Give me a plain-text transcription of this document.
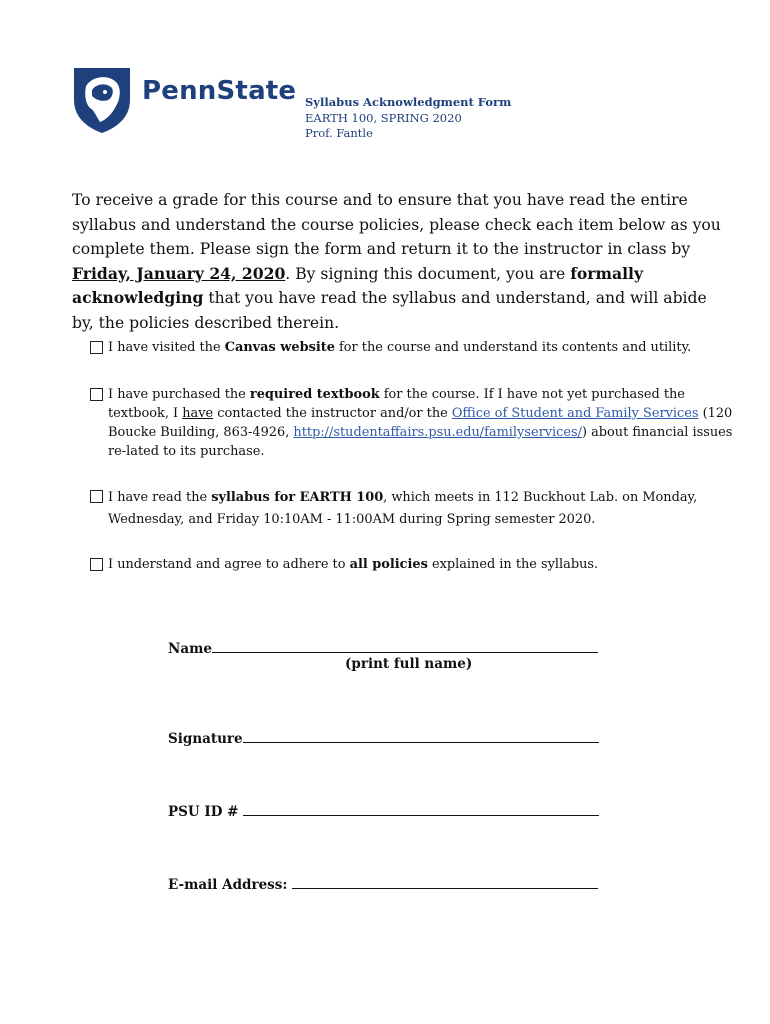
PennState Syllabus Acknowledgment Form
EARTH 100, SPRING 2020
Prof. Fantle
To receive a grade for this course and to ensure that you have read the entire syllabus and understand the course policies, please check each item below as you complete them. Please sign the form and return it to the instructor in class by Friday, January 24, 2020. By signing this document, you are formally acknowledging that you have read the syllabus and understand, and will abide by, the policies described therein.
I have visited the Canvas website for the course and understand its contents and utility.
I have purchased the required textbook for the course. If I have not yet purchased the textbook, I have contacted the instructor and/or the Office of Student and Family Services (120 Boucke Building, 863-4926, http://studentaffairs.psu.edu/familyservices/) about financial issues re-lated to its purchase.
I have read the syllabus for EARTH 100, which meets in 112 Buckhout Lab. on Monday, Wednesday, and Friday 10:10AM - 11:00AM during Spring semester 2020.
I understand and agree to adhere to all policies explained in the syllabus.
Name
(print full name)
Signature
PSU ID #
E-mail Address:
